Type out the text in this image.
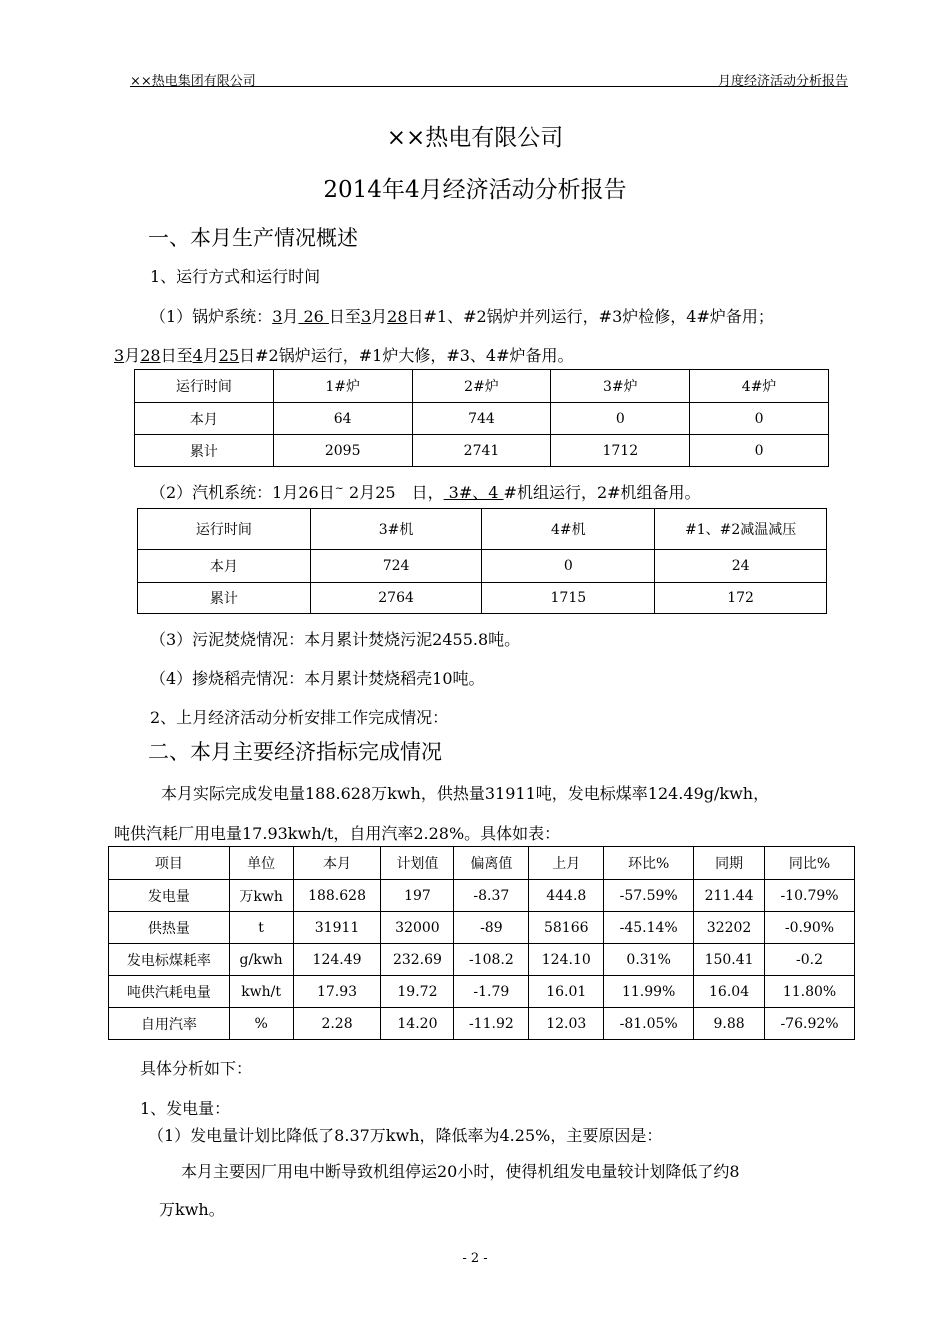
××热电集团有限公司	月度经济活动分析报告
××热电有限公司
2014年4月经济活动分析报告
一、本月生产情况概述
1、运行方式和运行时间
（1）锅炉系统：3月 26 日至3月28日#1、#2锅炉并列运行，#3炉检修，4#炉备用；
3月28日至4月25日#2锅炉运行，#1炉大修，#3、4#炉备用。
运行时间	1#炉	2#炉	3#炉	4#炉
本月	64	744	0	0
累计	2095	2741	1712	0
（2）汽机系统：1月26日~ 2月25　日， 3#、4 #机组运行，2#机组备用。
运行时间	3#机	4#机	#1、#2减温减压
本月	724	0	24
累计	2764	1715	172
（3）污泥焚烧情况：本月累计焚烧污泥2455.8吨。
（4）掺烧稻壳情况：本月累计焚烧稻壳10吨。
2、上月经济活动分析安排工作完成情况：
二、本月主要经济指标完成情况
本月实际完成发电量188.628万kwh，供热量31911吨，发电标煤率124.49g/kwh，
吨供汽耗厂用电量17.93kwh/t，自用汽率2.28%。具体如表：
项目	单位	本月	计划值	偏离值	上月	环比%	同期	同比%
发电量	万kwh	188.628	197	-8.37	444.8	-57.59%	211.44	-10.79%
供热量	t	31911	32000	-89	58166	-45.14%	32202	-0.90%
发电标煤耗率	g/kwh	124.49	232.69	-108.2	124.10	0.31%	150.41	-0.2
吨供汽耗电量	kwh/t	17.93	19.72	-1.79	16.01	11.99%	16.04	11.80%
自用汽率	%	2.28	14.20	-11.92	12.03	-81.05%	9.88	-76.92%
具体分析如下：
1、发电量：
（1）发电量计划比降低了8.37万kwh，降低率为4.25%，主要原因是：
本月主要因厂用电中断导致机组停运20小时，使得机组发电量较计划降低了约8
万kwh。
- 2 -
